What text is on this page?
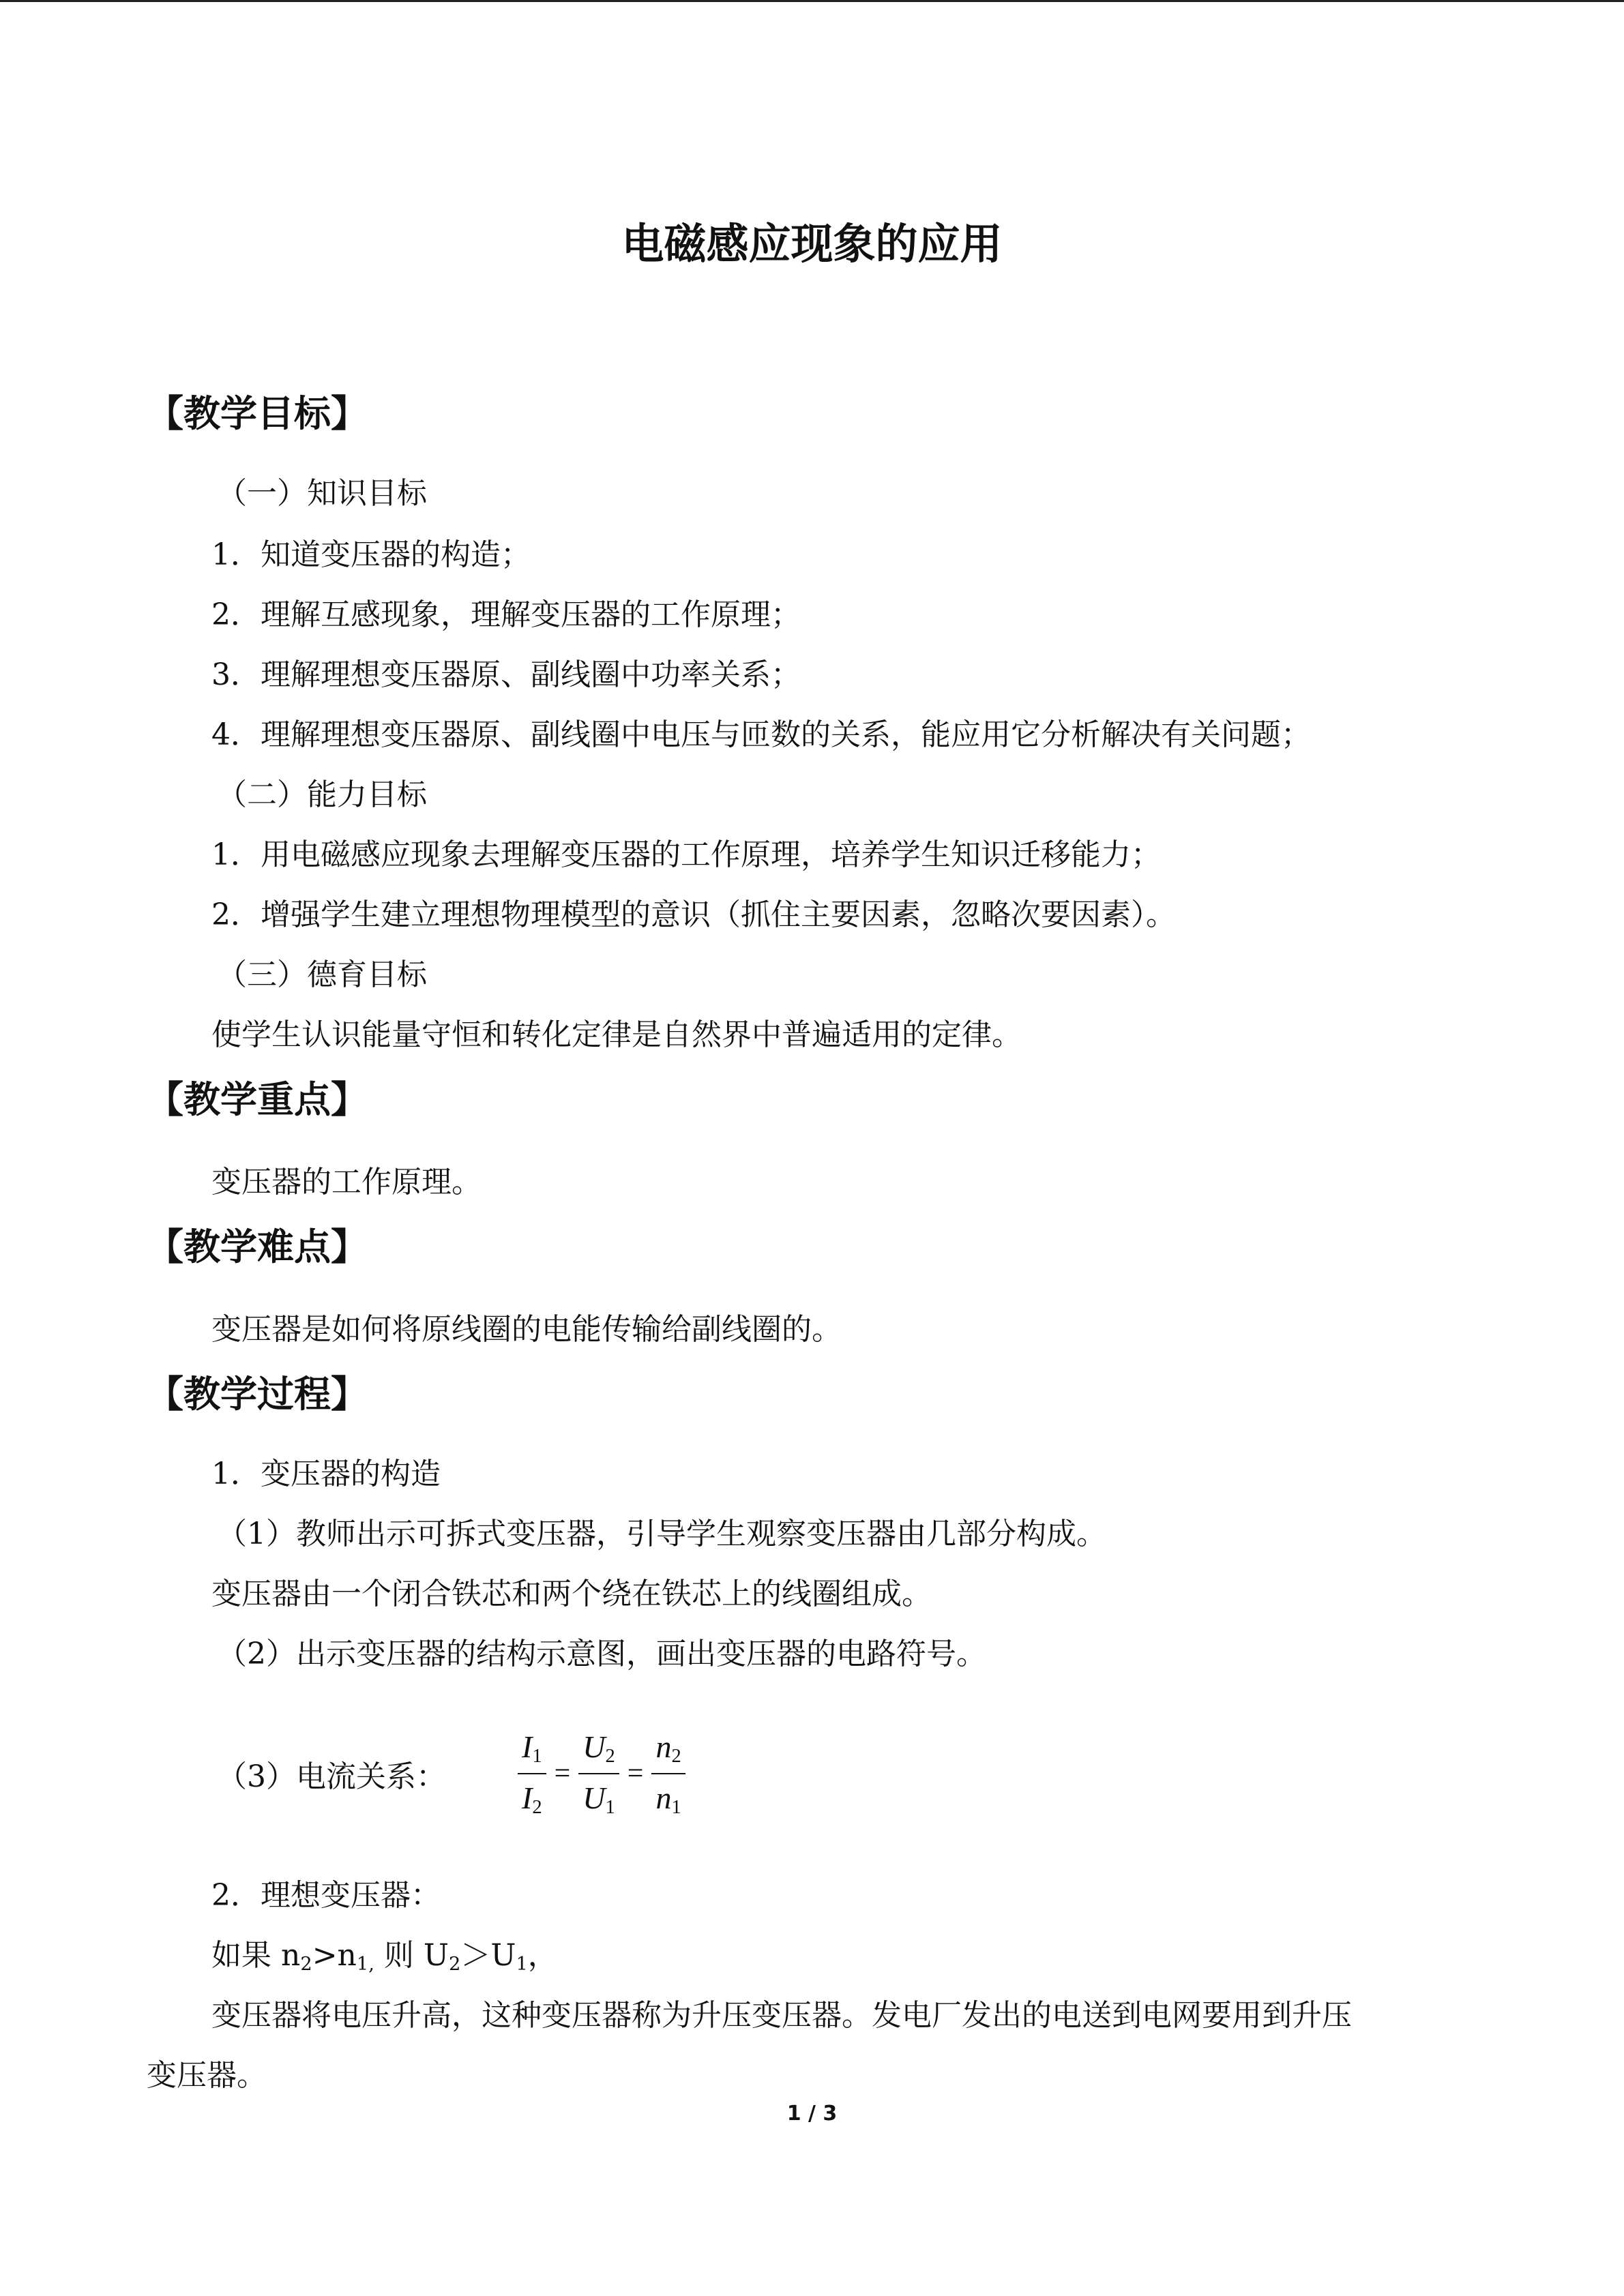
电磁感应现象的应用
【教学目标】
（一）知识目标
1．知道变压器的构造；
2．理解互感现象，理解变压器的工作原理；
3．理解理想变压器原、副线圈中功率关系；
4．理解理想变压器原、副线圈中电压与匝数的关系，能应用它分析解决有关问题；
（二）能力目标
1．用电磁感应现象去理解变压器的工作原理，培养学生知识迁移能力；
2．增强学生建立理想物理模型的意识（抓住主要因素，忽略次要因素）。
（三）德育目标
使学生认识能量守恒和转化定律是自然界中普遍适用的定律。
【教学重点】
变压器的工作原理。
【教学难点】
变压器是如何将原线圈的电能传输给副线圈的。
【教学过程】
1．变压器的构造
（1）教师出示可拆式变压器，引导学生观察变压器由几部分构成。
变压器由一个闭合铁芯和两个绕在铁芯上的线圈组成。
（2）出示变压器的结构示意图，画出变压器的电路符号。
（3）电流关系： $\frac{I_1}{I_2} = \frac{U_2}{U_1} = \frac{n_2}{n_1}$
2．理想变压器：
如果 $n_2>n_{1,}$ 则 $U_2>U_1$，
变压器将电压升高，这种变压器称为升压变压器。发电厂发出的电送到电网要用到升压
变压器。
1 / 3
